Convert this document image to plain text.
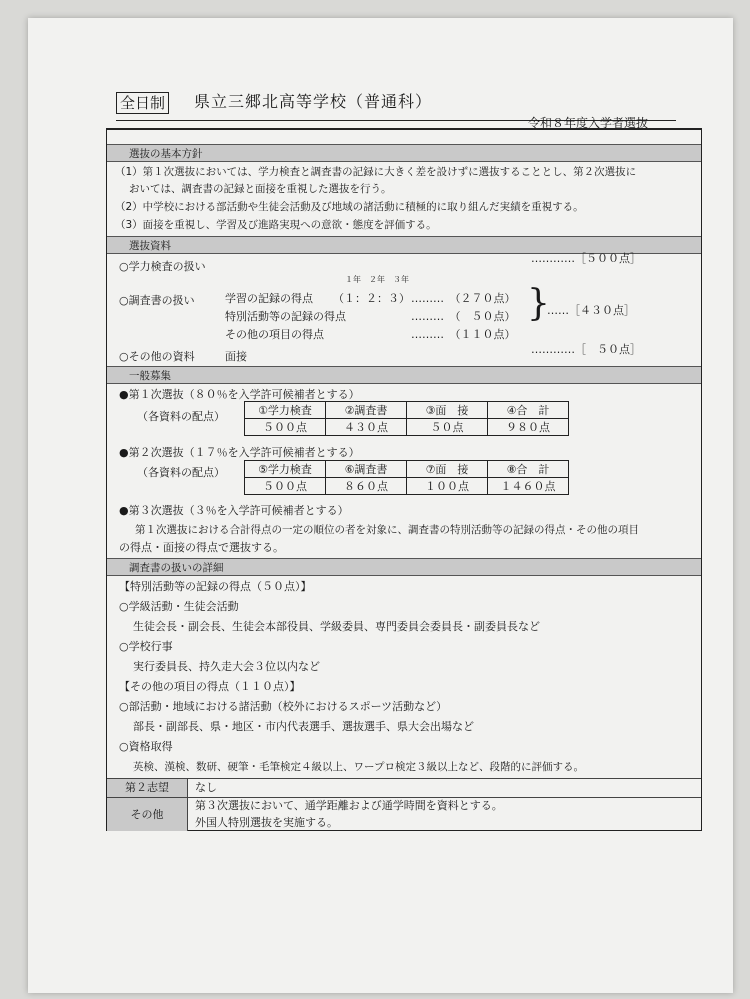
全日制 県立三郷北高等学校（普通科）
令和８年度入学者選抜
選抜の基本方針
（1）第１次選抜においては、学力検査と調査書の記録に大きく差を設けずに選抜することとし、第２次選抜に
おいては、調査書の記録と面接を重視した選抜を行う。
（2）中学校における部活動や生徒会活動及び地域の諸活動に積極的に取り組んだ実績を重視する。
（3）面接を重視し、学習及び進路実現への意欲・態度を評価する。
選抜資料
○学力検査の扱い
…………［５００点］
１年　２年　３年
○調査書の扱い	学習の記録の得点 （１：２：３） ………　（２７０点）
特別活動等の記録の得点	………　（　５０点）
その他の項目の得点	………　（１１０点）
}
……［４３０点］
○その他の資料	面接
…………［　５０点］
一般募集
●第１次選抜（８０％を入学許可候補者とする）
（各資料の配点）	①学力検査	②調査書	③面　接	④合　計
５００点	４３０点	５０点	９８０点
●第２次選抜（１７％を入学許可候補者とする）
（各資料の配点）	⑤学力検査	⑥調査書	⑦面　接	⑧合　計
５００点	８６０点	１００点	１４６０点
●第３次選抜（３％を入学許可候補者とする）
第１次選抜における合計得点の一定の順位の者を対象に、調査書の特別活動等の記録の得点・その他の項目
の得点・面接の得点で選抜する。
調査書の扱いの詳細
【特別活動等の記録の得点（５０点）】
○学級活動・生徒会活動
生徒会長・副会長、生徒会本部役員、学級委員、専門委員会委員長・副委員長など
○学校行事
実行委員長、持久走大会３位以内など
【その他の項目の得点（１１０点）】
○部活動・地域における諸活動（校外におけるスポーツ活動など）
部長・副部長、県・地区・市内代表選手、選抜選手、県大会出場など
○資格取得
英検、漢検、数研、硬筆・毛筆検定４級以上、ワープロ検定３級以上など、段階的に評価する。
第２志望	なし
その他
第３次選抜において、通学距離および通学時間を資料とする。
外国人特別選抜を実施する。
